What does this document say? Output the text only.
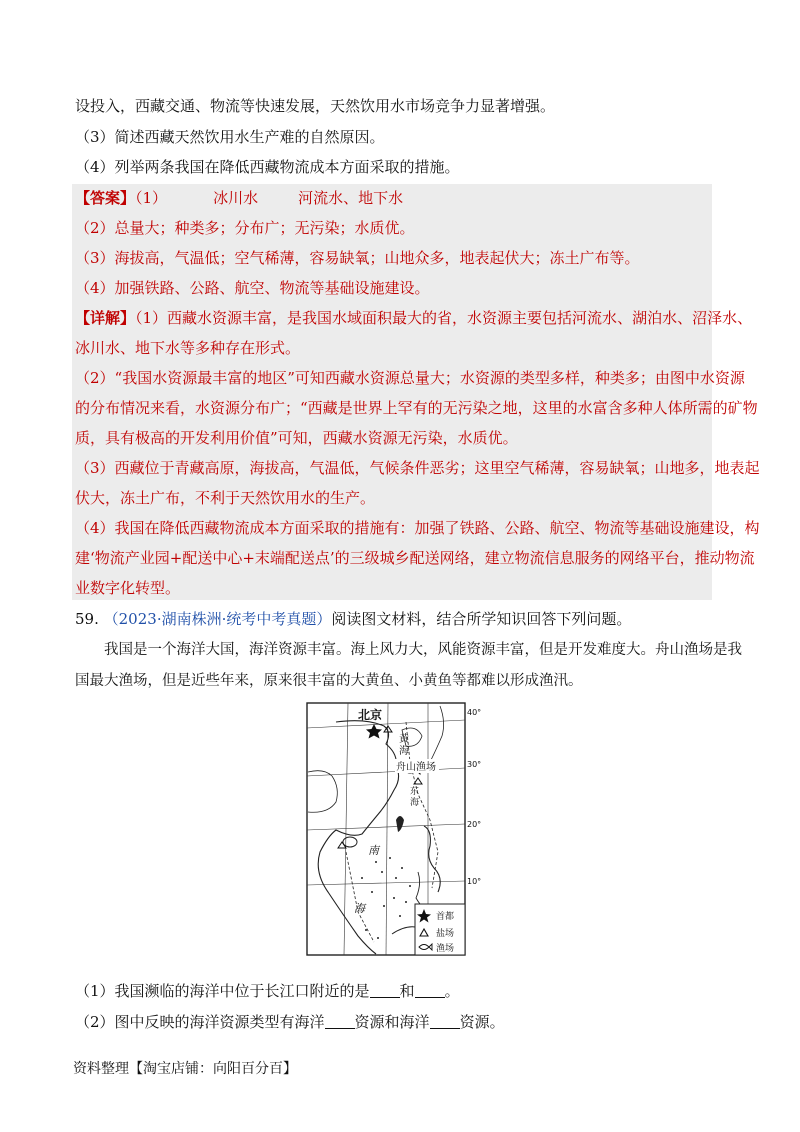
设投入，西藏交通、物流等快速发展，天然饮用水市场竞争力显著增强。
（3）简述西藏天然饮用水生产难的自然原因。
（4）列举两条我国在降低西藏物流成本方面采取的措施。
【答案】（1）	冰川水	河流水、地下水
（2）总量大；种类多；分布广；无污染；水质优。
（3）海拔高，气温低；空气稀薄，容易缺氧；山地众多，地表起伏大；冻土广布等。
（4）加强铁路、公路、航空、物流等基础设施建设。
【详解】（1）西藏水资源丰富，是我国水域面积最大的省，水资源主要包括河流水、湖泊水、沼泽水、
冰川水、地下水等多种存在形式。
（2）“我国水资源最丰富的地区”可知西藏水资源总量大；水资源的类型多样，种类多；由图中水资源
的分布情况来看，水资源分布广；“西藏是世界上罕有的无污染之地，这里的水富含多种人体所需的矿物
质，具有极高的开发利用价值”可知，西藏水资源无污染，水质优。
（3）西藏位于青藏高原，海拔高，气温低，气候条件恶劣；这里空气稀薄，容易缺氧；山地多，地表起
伏大，冻土广布，不利于天然饮用水的生产。
（4）我国在降低西藏物流成本方面采取的措施有：加强了铁路、公路、航空、物流等基础设施建设，构
建‘物流产业园+配送中心+末端配送点’的三级城乡配送网络，建立物流信息服务的网络平台，推动物流
业数字化转型。
59. （2023·湖南株洲·统考中考真题）阅读图文材料，结合所学知识回答下列问题。
我国是一个海洋大国，海洋资源丰富。海上风力大，风能资源丰富，但是开发难度大。舟山渔场是我
国最大渔场，但是近些年来，原来很丰富的大黄鱼、小黄鱼等都难以形成渔汛。
北京
黄
海
舟山渔场
东
海
南
海
40°
30°
20°
10°
首都
盐场
渔场
（1）我国濒临的海洋中位于长江口附近的是 和 。
（2）图中反映的海洋资源类型有海洋 资源和海洋 资源。
资料整理【淘宝店铺：向阳百分百】
